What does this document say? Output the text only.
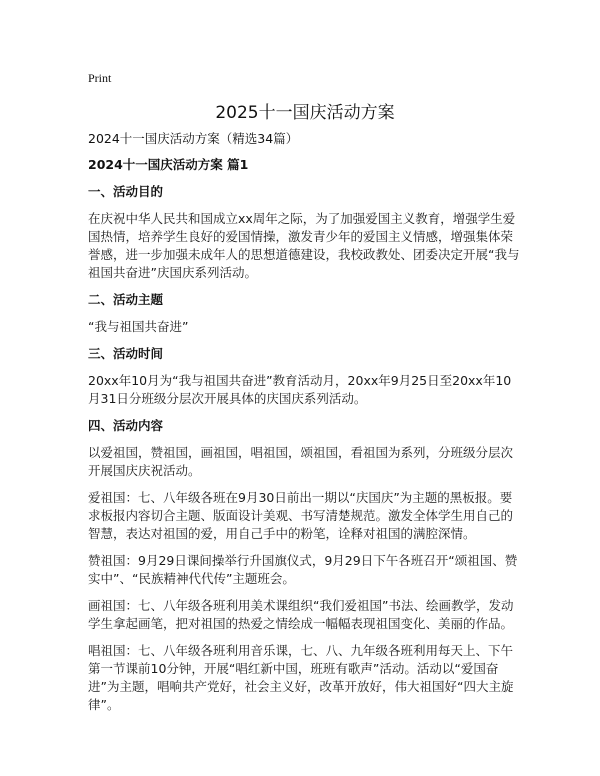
Print
2025十一国庆活动方案
2024十一国庆活动方案（精选34篇）
2024十一国庆活动方案 篇1
一、活动目的
在庆祝中华人民共和国成立xx周年之际，为了加强爱国主义教育，增强学生爱国热情，培养学生良好的爱国情操，激发青少年的爱国主义情感，增强集体荣誉感，进一步加强未成年人的思想道德建设，我校政教处、团委决定开展“我与祖国共奋进”庆国庆系列活动。
二、活动主题
“我与祖国共奋进”
三、活动时间
20xx年10月为“我与祖国共奋进”教育活动月，20xx年9月25日至20xx年10月31日分班级分层次开展具体的庆国庆系列活动。
四、活动内容
以爱祖国，赞祖国，画祖国，唱祖国，颂祖国，看祖国为系列，分班级分层次开展国庆庆祝活动。
爱祖国：七、八年级各班在9月30日前出一期以“庆国庆”为主题的黑板报。要求板报内容切合主题、版面设计美观、书写清楚规范。激发全体学生用自己的智慧，表达对祖国的爱，用自己手中的粉笔，诠释对祖国的满腔深情。
赞祖国：9月29日课间操举行升国旗仪式，9月29日下午各班召开“颂祖国、赞实中”、“民族精神代代传”主题班会。
画祖国：七、八年级各班利用美术课组织“我们爱祖国”书法、绘画教学，发动学生拿起画笔，把对祖国的热爱之情绘成一幅幅表现祖国变化、美丽的作品。
唱祖国：七、八年级各班利用音乐课，七、八、九年级各班利用每天上、下午第一节课前10分钟，开展“唱红新中国，班班有歌声”活动。活动以“爱国奋进”为主题，唱响共产党好，社会主义好，改革开放好，伟大祖国好“四大主旋律”。
